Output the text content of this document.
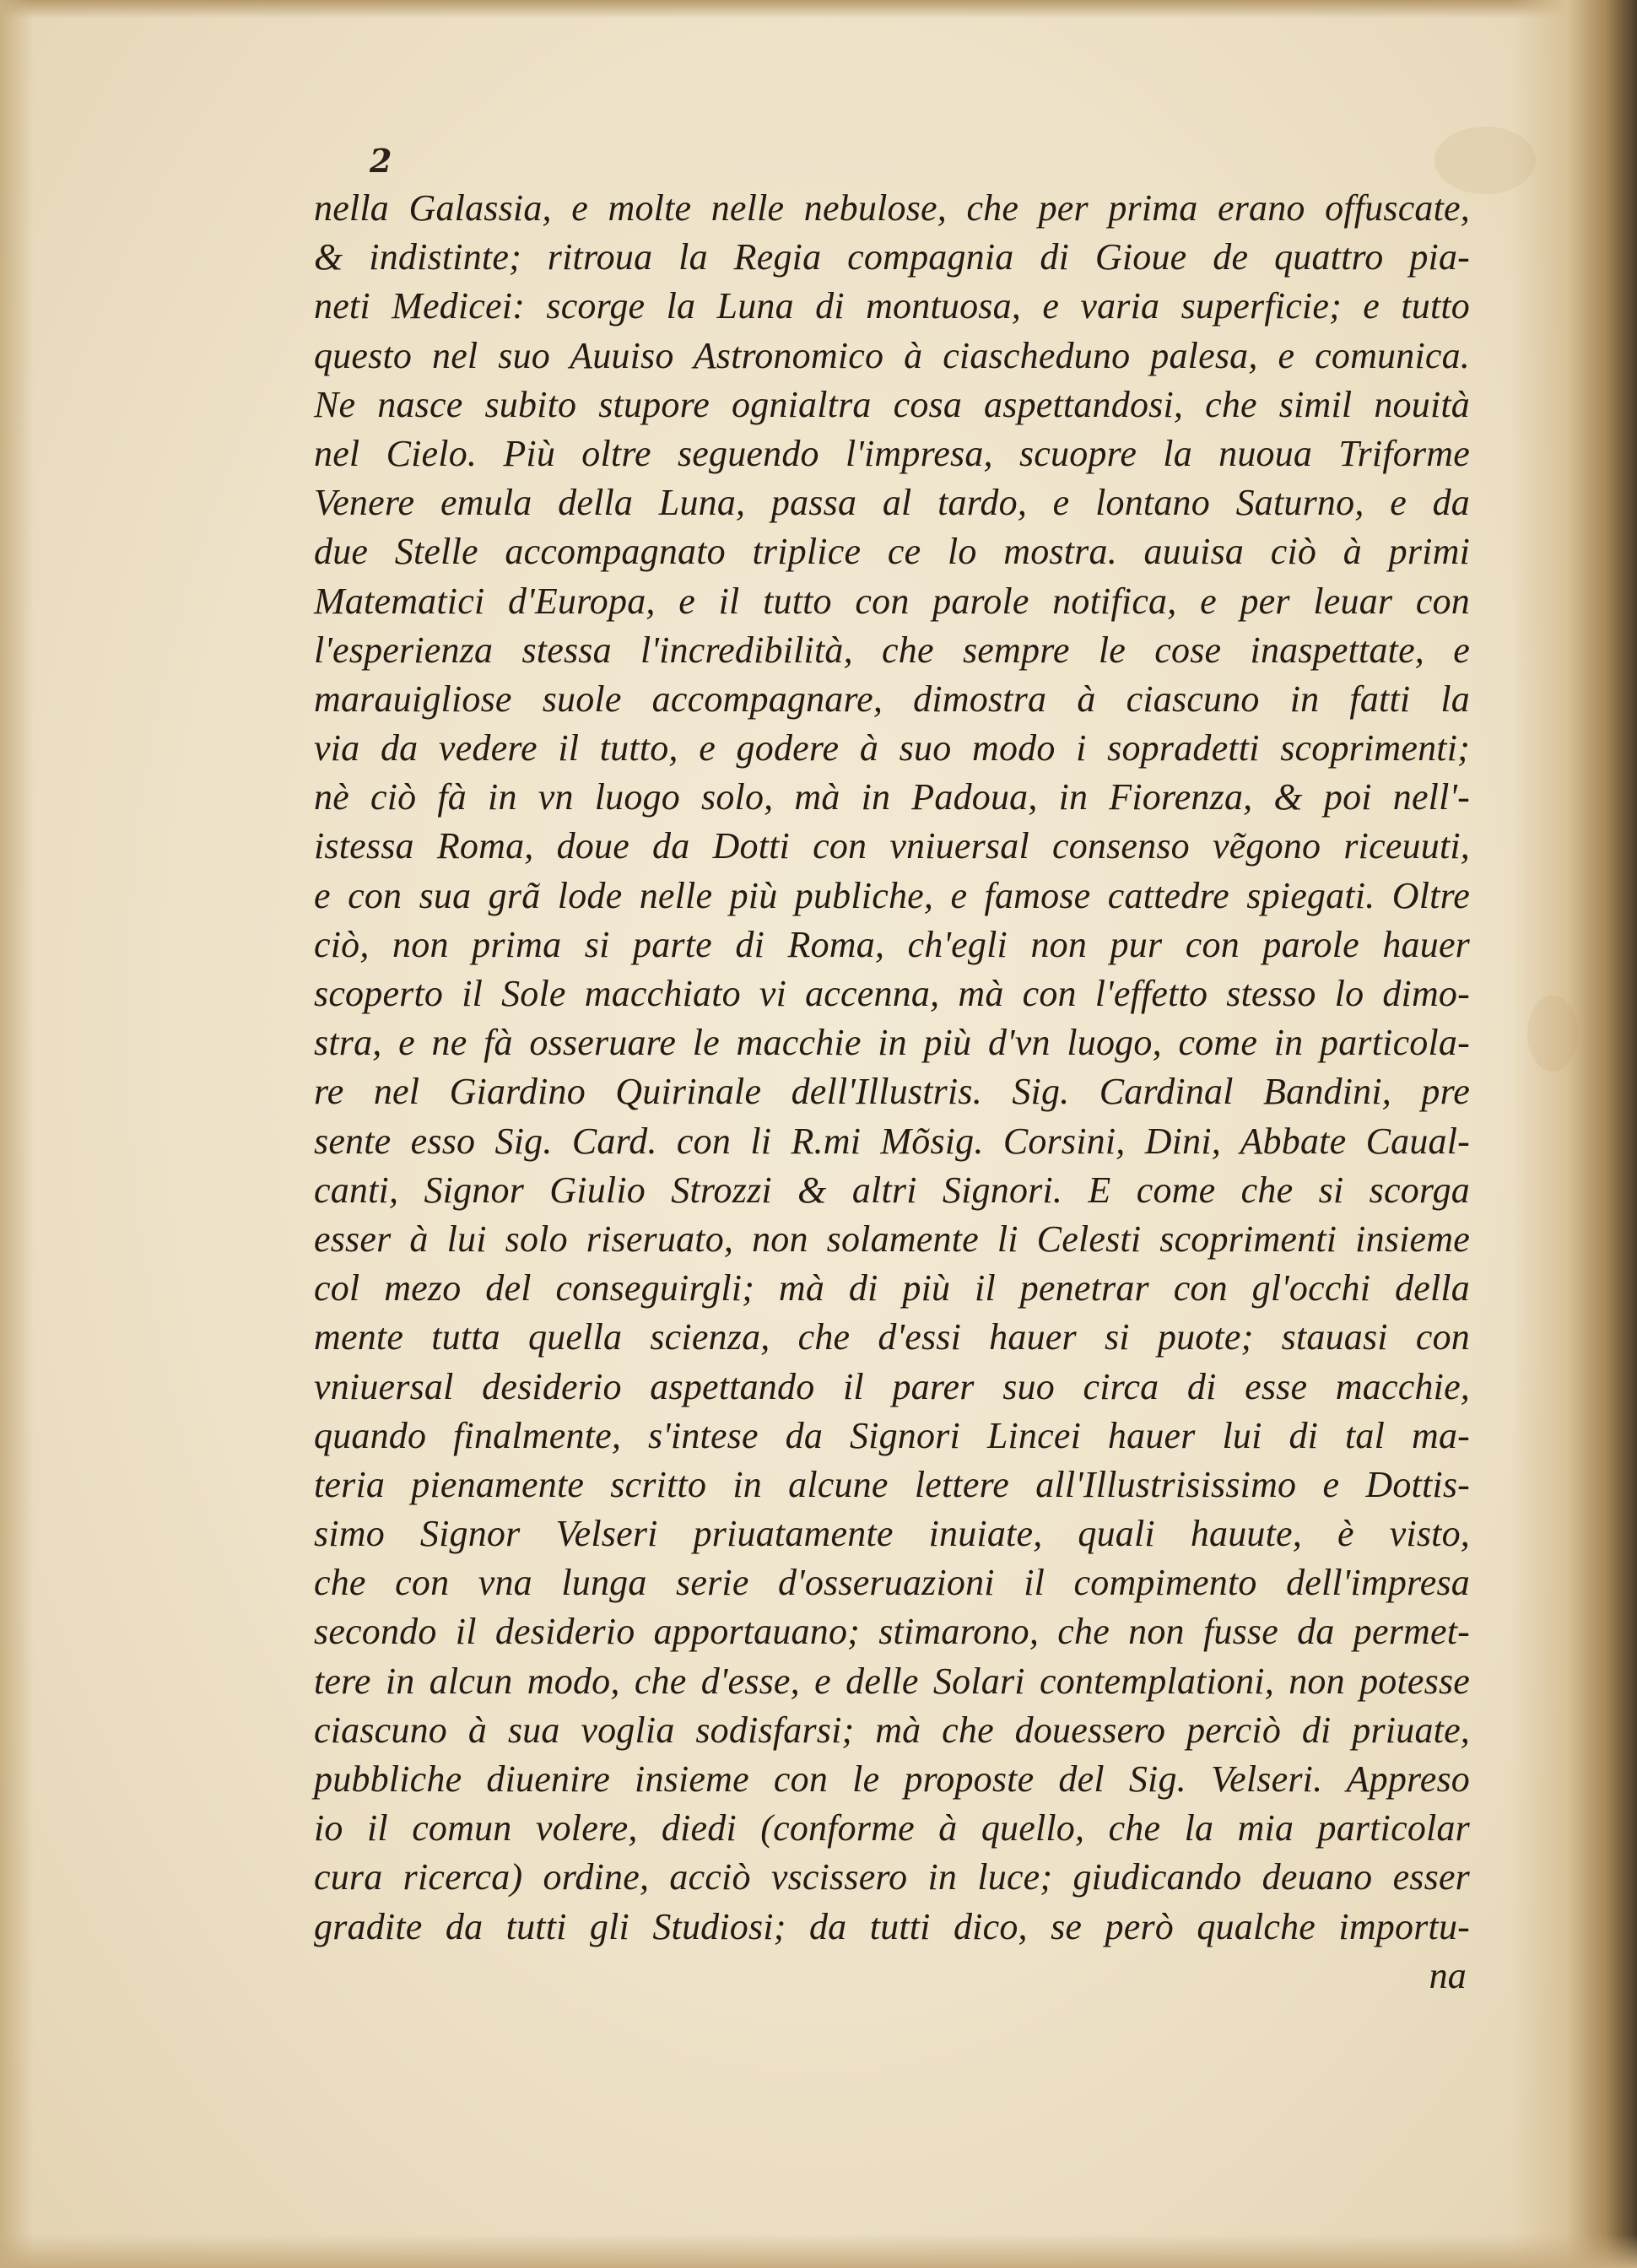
2
nella Galassia, e molte nelle nebulose, che per prima erano offuscate,
& indistinte; ritroua la Regia compagnia di Gioue de quattro pia-
neti Medicei: scorge la Luna di montuosa, e varia superficie; e tutto
questo nel suo Auuiso Astronomico à ciascheduno palesa, e comunica.
Ne nasce subito stupore ognialtra cosa aspettandosi, che simil nouità
nel Cielo. Più oltre seguendo l'impresa, scuopre la nuoua Triforme
Venere emula della Luna, passa al tardo, e lontano Saturno, e da
due Stelle accompagnato triplice ce lo mostra. auuisa ciò à primi
Matematici d'Europa, e il tutto con parole notifica, e per leuar con
l'esperienza stessa l'incredibilità, che sempre le cose inaspettate, e
marauigliose suole accompagnare, dimostra à ciascuno in fatti la
via da vedere il tutto, e godere à suo modo i sopradetti scoprimenti;
nè ciò fà in vn luogo solo, mà in Padoua, in Fiorenza, & poi nell'-
istessa Roma, doue da Dotti con vniuersal consenso vẽgono riceuuti,
e con sua grã lode nelle più publiche, e famose cattedre spiegati. Oltre
ciò, non prima si parte di Roma, ch'egli non pur con parole hauer
scoperto il Sole macchiato vi accenna, mà con l'effetto stesso lo dimo-
stra, e ne fà osseruare le macchie in più d'vn luogo, come in particola-
re nel Giardino Quirinale dell'Illustris. Sig. Cardinal Bandini, pre
sente esso Sig. Card. con li R.mi Mõsig. Corsini, Dini, Abbate Caual-
canti, Signor Giulio Strozzi & altri Signori. E come che si scorga
esser à lui solo riseruato, non solamente li Celesti scoprimenti insieme
col mezo del conseguirgli; mà di più il penetrar con gl'occhi della
mente tutta quella scienza, che d'essi hauer si puote; stauasi con
vniuersal desiderio aspettando il parer suo circa di esse macchie,
quando finalmente, s'intese da Signori Lincei hauer lui di tal ma-
teria pienamente scritto in alcune lettere all'Illustrisissimo e Dottis-
simo Signor Velseri priuatamente inuiate, quali hauute, è visto,
che con vna lunga serie d'osseruazioni il compimento dell'impresa
secondo il desiderio apportauano; stimarono, che non fusse da permet-
tere in alcun modo, che d'esse, e delle Solari contemplationi, non potesse
ciascuno à sua voglia sodisfarsi; mà che douessero perciò di priuate,
pubbliche diuenire insieme con le proposte del Sig. Velseri. Appreso
io il comun volere, diedi (conforme à quello, che la mia particolar
cura ricerca) ordine, acciò vscissero in luce; giudicando deuano esser
gradite da tutti gli Studiosi; da tutti dico, se però qualche importu-
na
